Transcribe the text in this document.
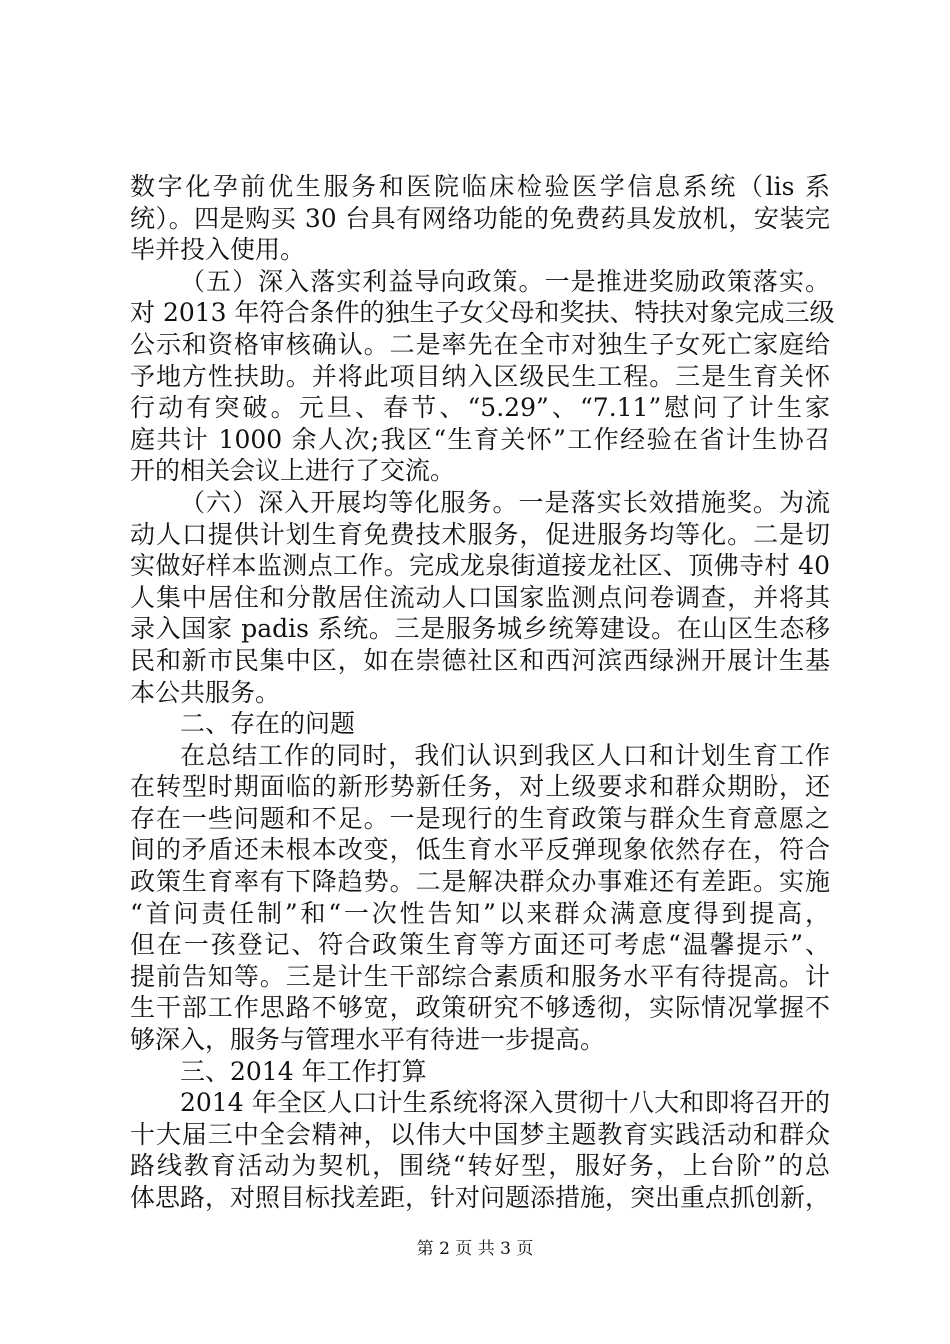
数字化孕前优生服务和医院临床检验医学信息系统（lis 系
统）。四是购买 30 台具有网络功能的免费药具发放机，安装完
毕并投入使用。
（五）深入落实利益导向政策。一是推进奖励政策落实。
对 2013 年符合条件的独生子女父母和奖扶、特扶对象完成三级
公示和资格审核确认。二是率先在全市对独生子女死亡家庭给
予地方性扶助。并将此项目纳入区级民生工程。三是生育关怀
行动有突破。元旦、春节、“5.29”、“7.11”慰问了计生家
庭共计 1000 余人次;我区“生育关怀”工作经验在省计生协召
开的相关会议上进行了交流。
（六）深入开展均等化服务。一是落实长效措施奖。为流
动人口提供计划生育免费技术服务，促进服务均等化。二是切
实做好样本监测点工作。完成龙泉街道接龙社区、顶佛寺村 40
人集中居住和分散居住流动人口国家监测点问卷调查，并将其
录入国家 padis 系统。三是服务城乡统筹建设。在山区生态移
民和新市民集中区，如在崇德社区和西河滨西绿洲开展计生基
本公共服务。
二、存在的问题
在总结工作的同时，我们认识到我区人口和计划生育工作
在转型时期面临的新形势新任务，对上级要求和群众期盼，还
存在一些问题和不足。一是现行的生育政策与群众生育意愿之
间的矛盾还未根本改变，低生育水平反弹现象依然存在，符合
政策生育率有下降趋势。二是解决群众办事难还有差距。实施
“首问责任制”和“一次性告知”以来群众满意度得到提高，
但在一孩登记、符合政策生育等方面还可考虑“温馨提示”、
提前告知等。三是计生干部综合素质和服务水平有待提高。计
生干部工作思路不够宽，政策研究不够透彻，实际情况掌握不
够深入，服务与管理水平有待进一步提高。
三、2014 年工作打算
2014 年全区人口计生系统将深入贯彻十八大和即将召开的
十大届三中全会精神，以伟大中国梦主题教育实践活动和群众
路线教育活动为契机，围绕“转好型，服好务，上台阶”的总
体思路，对照目标找差距，针对问题添措施，突出重点抓创新，
第 2 页 共 3 页
